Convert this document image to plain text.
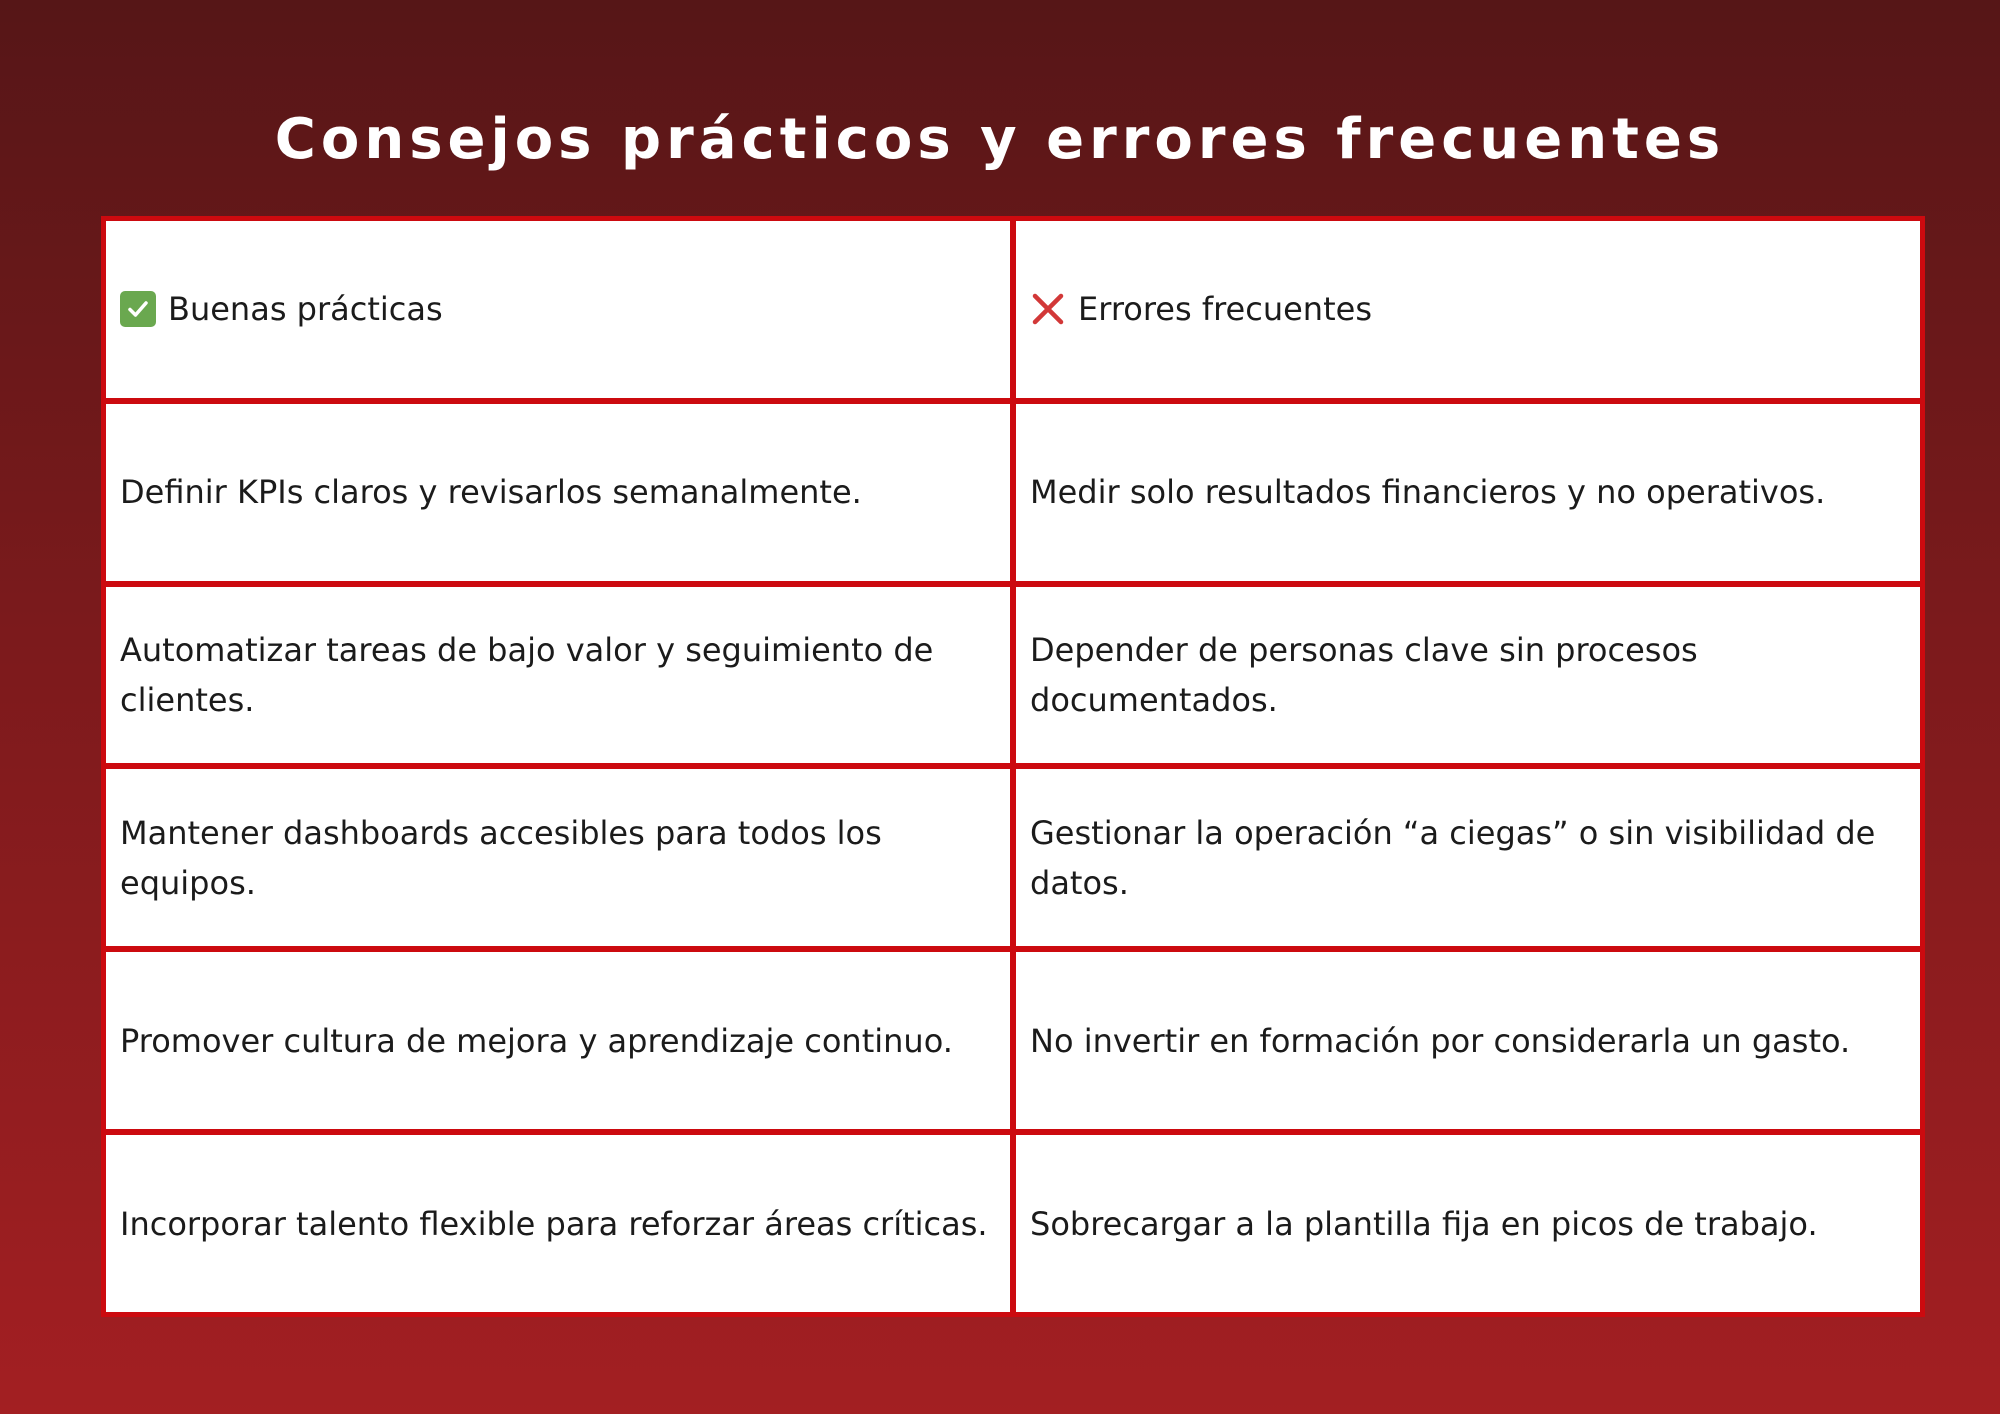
Consejos prácticos y errores frecuentes
Buenas prácticas	Errores frecuentes
Definir KPIs claros y revisarlos semanalmente.	Medir solo resultados financieros y no operativos.
Automatizar tareas de bajo valor y seguimiento de clientes.
Depender de personas clave sin procesos documentados.
Mantener dashboards accesibles para todos los equipos.
Gestionar la operación “a ciegas” o sin visibilidad de datos.
Promover cultura de mejora y aprendizaje continuo. No invertir en formación por considerarla un gasto.
Incorporar talento flexible para reforzar áreas críticas. Sobrecargar a la plantilla fija en picos de trabajo.
